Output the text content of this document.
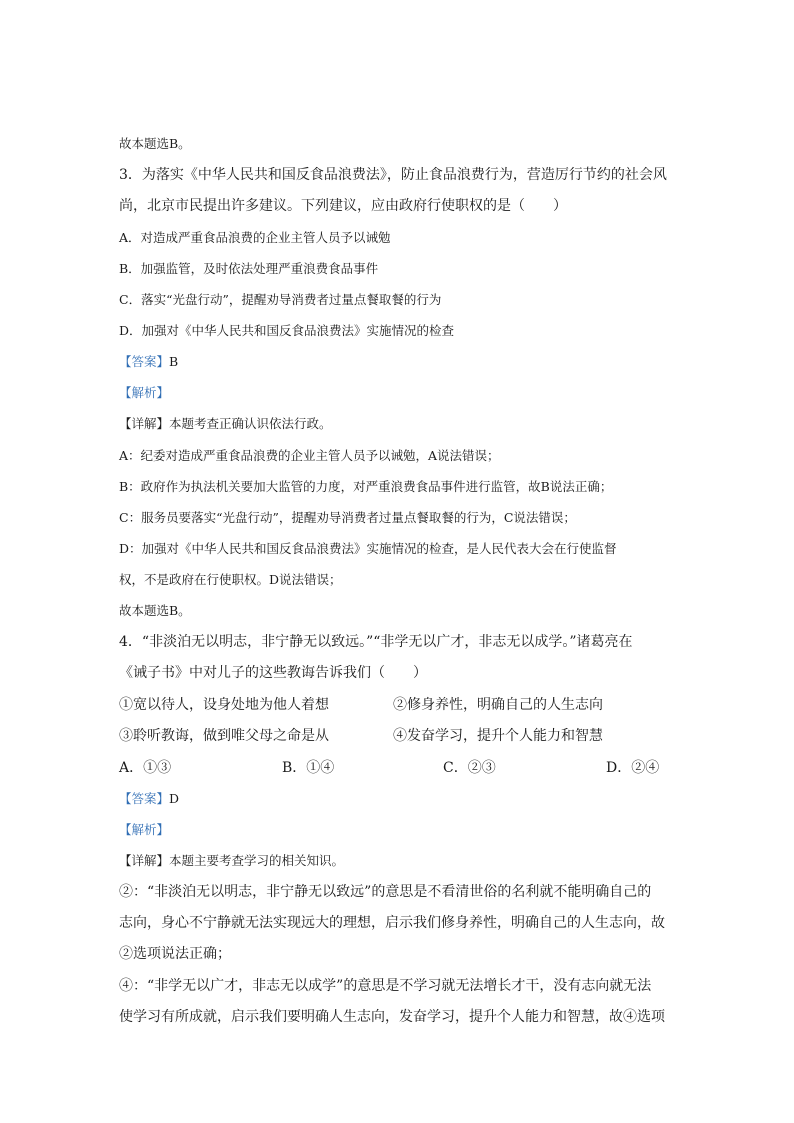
故本题选B。
3．为落实《中华人民共和国反食品浪费法》，防止食品浪费行为，营造厉行节约的社会风
尚，北京市民提出许多建议。下列建议，应由政府行使职权的是（　　）
A．对造成严重食品浪费的企业主管人员予以诫勉
B．加强监管，及时依法处理严重浪费食品事件
C．落实“光盘行动”，提醒劝导消费者过量点餐取餐的行为
D．加强对《中华人民共和国反食品浪费法》实施情况的检查
【答案】B
【解析】
【详解】本题考查正确认识依法行政。
A：纪委对造成严重食品浪费的企业主管人员予以诫勉，A说法错误；
B：政府作为执法机关要加大监管的力度，对严重浪费食品事件进行监管，故B说法正确；
C：服务员要落实“光盘行动”，提醒劝导消费者过量点餐取餐的行为，C说法错误；
D：加强对《中华人民共和国反食品浪费法》实施情况的检查，是人民代表大会在行使监督
权，不是政府在行使职权。D说法错误；
故本题选B。
4．“非淡泊无以明志，非宁静无以致远。”“非学无以广才，非志无以成学。”诸葛亮在
《诫子书》中对儿子的这些教诲告诉我们（　　）
①宽以待人，设身处地为他人着想	②修身养性，明确自己的人生志向
③聆听教诲，做到唯父母之命是从	④发奋学习，提升个人能力和智慧
A．①③	B．①④	C．②③	D．②④
【答案】D
【解析】
【详解】本题主要考查学习的相关知识。
②：“非淡泊无以明志，非宁静无以致远”的意思是不看清世俗的名利就不能明确自己的
志向，身心不宁静就无法实现远大的理想，启示我们修身养性，明确自己的人生志向，故
②选项说法正确；
④：“非学无以广才，非志无以成学”的意思是不学习就无法增长才干，没有志向就无法
使学习有所成就，启示我们要明确人生志向，发奋学习，提升个人能力和智慧，故④选项
